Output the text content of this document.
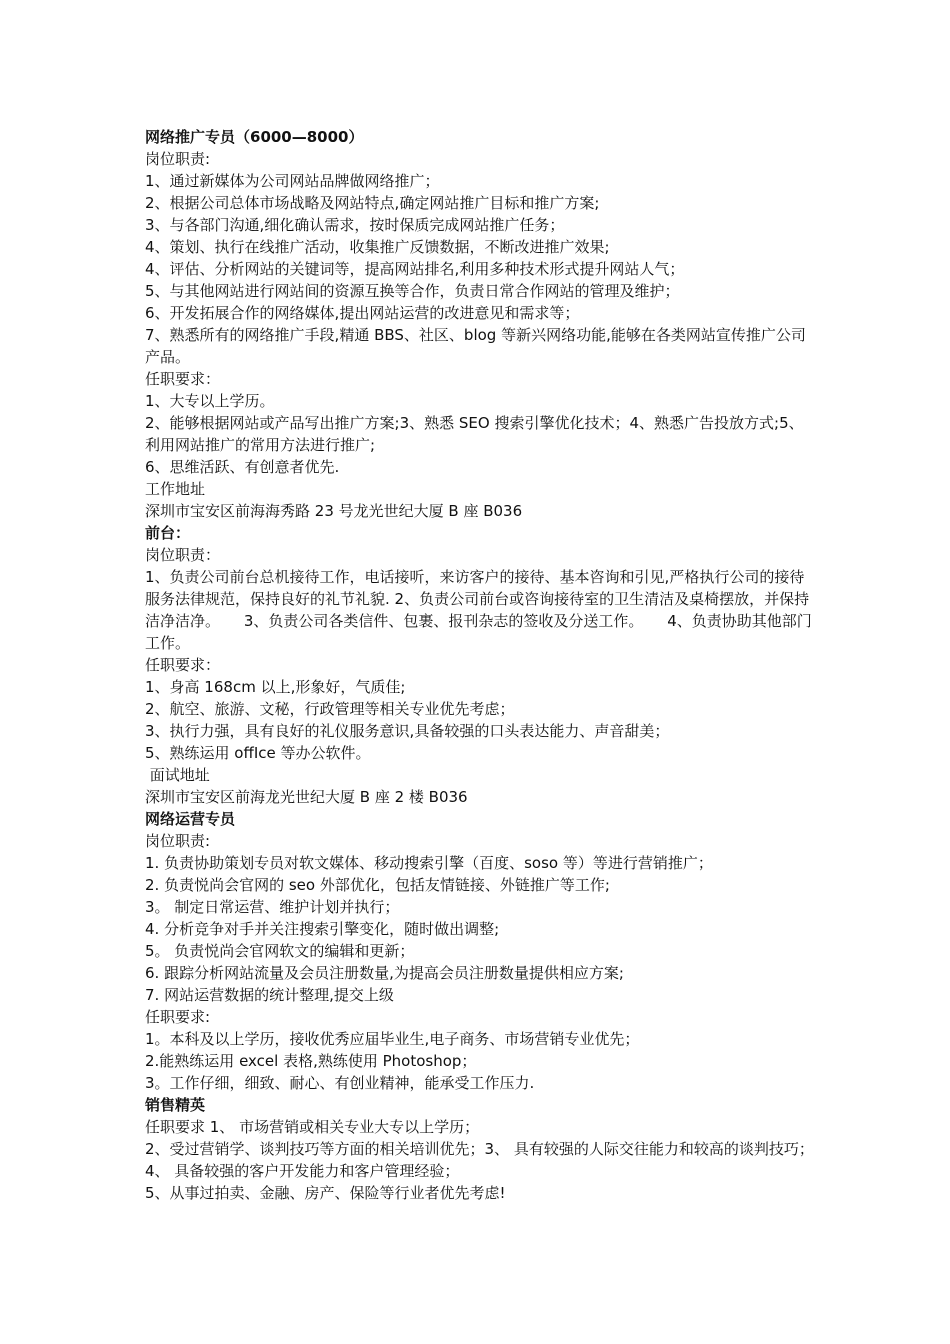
网络推广专员（6000—8000）
岗位职责:
1、通过新媒体为公司网站品牌做网络推广；
2、根据公司总体市场战略及网站特点,确定网站推广目标和推广方案;
3、与各部门沟通,细化确认需求，按时保质完成网站推广任务；
4、策划、执行在线推广活动，收集推广反馈数据，不断改进推广效果;
4、评估、分析网站的关键词等，提高网站排名,利用多种技术形式提升网站人气；
5、与其他网站进行网站间的资源互换等合作，负责日常合作网站的管理及维护；
6、开发拓展合作的网络媒体,提出网站运营的改进意见和需求等；
7、熟悉所有的网络推广手段,精通 BBS、社区、blog 等新兴网络功能,能够在各类网站宣传推广公司产品。
任职要求：
1、大专以上学历。
2、能够根据网站或产品写出推广方案;3、熟悉 SEO 搜索引擎优化技术；4、熟悉广告投放方式;5、利用网站推广的常用方法进行推广;
6、思维活跃、有创意者优先.
工作地址
深圳市宝安区前海海秀路 23 号龙光世纪大厦 B 座 B036
前台：
岗位职责：
1、负责公司前台总机接待工作，电话接听，来访客户的接待、基本咨询和引见,严格执行公司的接待服务法律规范，保持良好的礼节礼貌. 2、负责公司前台或咨询接待室的卫生清洁及桌椅摆放，并保持洁净洁净。     3、负责公司各类信件、包裹、报刊杂志的签收及分送工作。     4、负责协助其他部门工作。
任职要求：
1、身高 168cm 以上,形象好，气质佳;
2、航空、旅游、文秘，行政管理等相关专业优先考虑；
3、执行力强，具有良好的礼仪服务意识,具备较强的口头表达能力、声音甜美；
5、熟练运用 offIce 等办公软件。
面试地址
深圳市宝安区前海龙光世纪大厦 B 座 2 楼 B036
网络运营专员
岗位职责:
1. 负责协助策划专员对软文媒体、移动搜索引擎（百度、soso 等）等进行营销推广；
2. 负责悦尚会官网的 seo 外部优化，包括友情链接、外链推广等工作;
3。 制定日常运营、维护计划并执行；
4. 分析竞争对手并关注搜索引擎变化，随时做出调整;
5。 负责悦尚会官网软文的编辑和更新；
6. 跟踪分析网站流量及会员注册数量,为提高会员注册数量提供相应方案;
7. 网站运营数据的统计整理,提交上级
任职要求:
1。本科及以上学历，接收优秀应届毕业生,电子商务、市场营销专业优先；
2.能熟练运用 excel 表格,熟练使用 Photoshop；
3。工作仔细，细致、耐心、有创业精神，能承受工作压力.
销售精英
任职要求 1、 市场营销或相关专业大专以上学历；
2、受过营销学、谈判技巧等方面的相关培训优先；3、 具有较强的人际交往能力和较高的谈判技巧； 4、 具备较强的客户开发能力和客户管理经验；
5、从事过拍卖、金融、房产、保险等行业者优先考虑!
